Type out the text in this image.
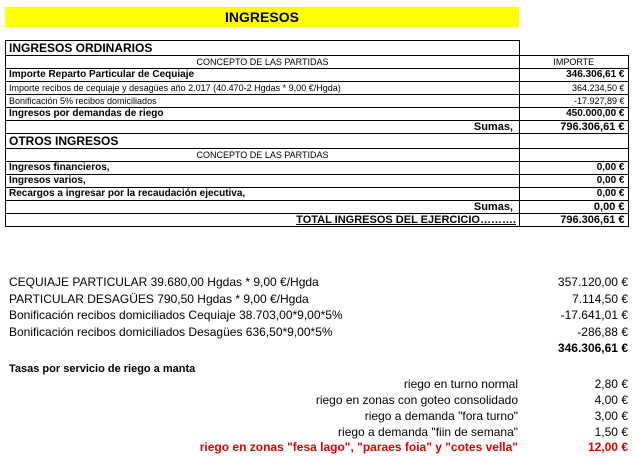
INGRESOS
INGRESOS ORDINARIOS	
CONCEPTO DE LAS PARTIDAS	IMPORTE
Importe Reparto Particular de Cequiaje	346.306,61 €
Importe recibos de cequiaje y desagües año 2.017 (40.470-2 Hgdas * 9,00 €/Hgda)	364.234,50 €
Bonificación 5% recibos domiciliados	-17.927,89 €
Ingresos por demandas de riego	450.000,00 €
Sumas,	796.306,61 €
OTROS INGRESOS	
CONCEPTO DE LAS PARTIDAS	
Ingresos financieros,	0,00 €
Ingresos varios,	0,00 €
Recargos a ingresar por la recaudación ejecutiva,	0,00 €
Sumas,	0,00 €
TOTAL INGRESOS DEL EJERCICIO……….	796.306,61 €
CEQUIAJE PARTICULAR 39.680,00 Hgdas * 9,00 €/Hgda	357.120,00 €
PARTICULAR DESAGÜES 790,50 Hgdas * 9,00 €/Hgda	7.114,50 €
Bonificación recibos domiciliados Cequiaje 38.703,00*9,00*5%	-17.641,01 €
Bonificación recibos domiciliados Desagües 636,50*9,00*5%	-286,88 €
346.306,61 €
Tasas por servicio de riego a manta
riego en turno normal	2,80 €
riego en zonas con goteo consolidado	4,00 €
riego a demanda "fora turno"	3,00 €
riego a demanda "fiin de semana"	1,50 €
riego en zonas "fesa lago", "paraes foia" y "cotes vella"	12,00 €
